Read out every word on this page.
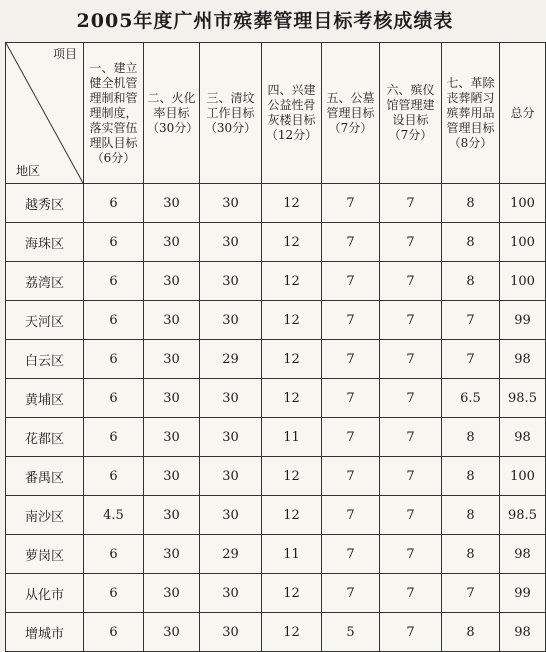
2005年度广州市殡葬管理目标考核成绩表
项目
地区	一、建立健全机管理制和管理制度，落实管伍理队目标（6分）	二、火化率目标（30分）	三、清坟工作目标（30分）	四、兴建公益性骨灰楼目标（12分）	五、公墓管理目标（7分）	六、殡仪馆管理建设目标（7分）	七、革除丧葬陋习殡葬用品管理目标（8分）	总分
越秀区	6	30	30	12	7	7	8	100
海珠区	6	30	30	12	7	7	8	100
荔湾区	6	30	30	12	7	7	8	100
天河区	6	30	30	12	7	7	7	99
白云区	6	30	29	12	7	7	7	98
黄埔区	6	30	30	12	7	7	6.5	98.5
花都区	6	30	30	11	7	7	8	98
番禺区	6	30	30	12	7	7	8	100
南沙区	4.5	30	30	12	7	7	8	98.5
萝岗区	6	30	29	11	7	7	8	98
从化市	6	30	30	12	7	7	7	99
增城市	6	30	30	12	5	7	8	98
